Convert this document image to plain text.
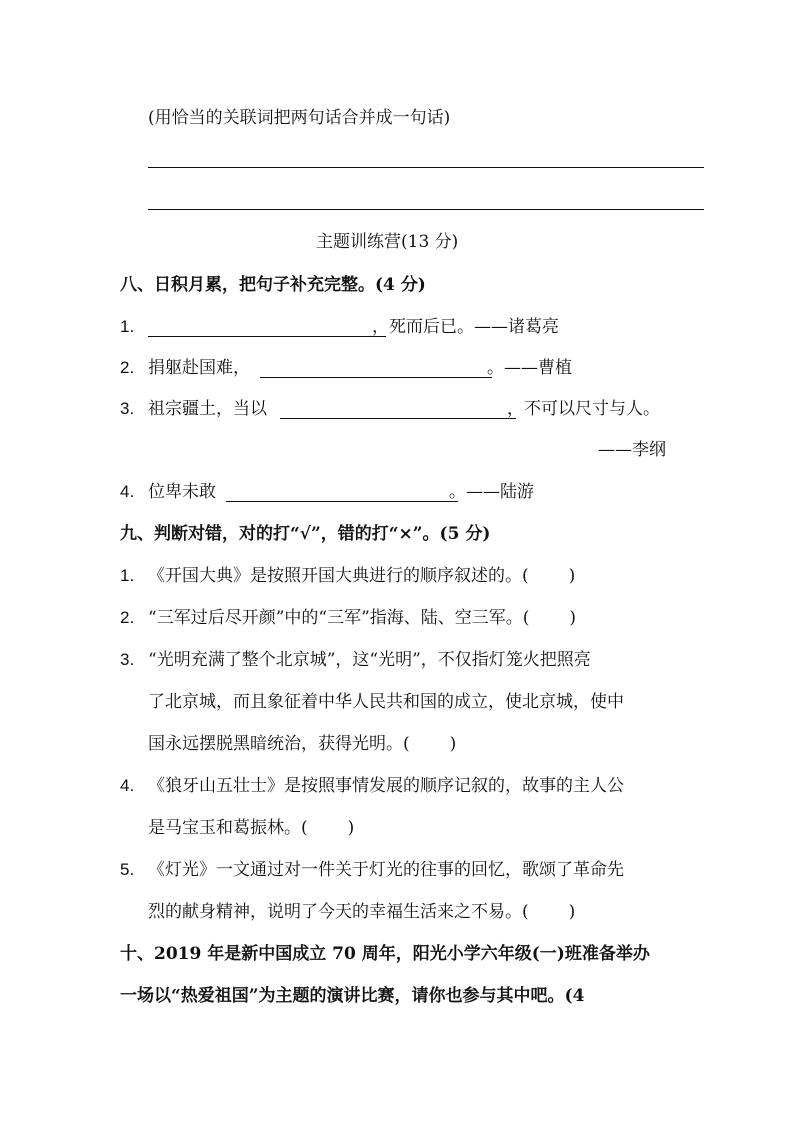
(用恰当的关联词把两句话合并成一句话)
主题训练营(13 分)
八、日积月累，把句子补充完整。(4 分)
1.	，死而后已。——诸葛亮
2. 捐躯赴国难，	。——曹植
3. 祖宗疆土，当以	，不可以尺寸与人。
——李纲
4. 位卑未敢	。——陆游
九、判断对错，对的打“√”，错的打“×”。(5 分)
1. 《开国大典》是按照开国大典进行的顺序叙述的。( )
2. “三军过后尽开颜”中的“三军”指海、陆、空三军。( )
3. “光明充满了整个北京城”，这“光明”，不仅指灯笼火把照亮
了北京城，而且象征着中华人民共和国的成立，使北京城，使中
国永远摆脱黑暗统治，获得光明。( )
4. 《狼牙山五壮士》是按照事情发展的顺序记叙的，故事的主人公
是马宝玉和葛振林。( )
5. 《灯光》一文通过对一件关于灯光的往事的回忆，歌颂了革命先
烈的献身精神，说明了今天的幸福生活来之不易。( )
十、2019 年是新中国成立 70 周年，阳光小学六年级(一)班准备举办
一场以“热爱祖国”为主题的演讲比赛，请你也参与其中吧。(4
